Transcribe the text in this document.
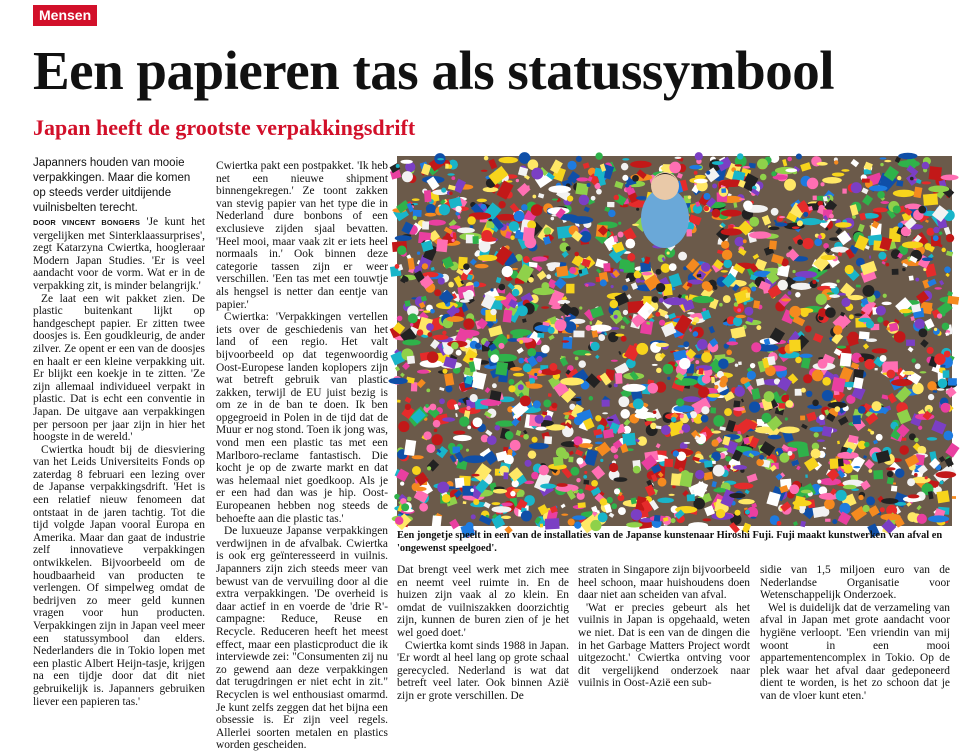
Mensen
Een papieren tas als statussymbool
Japan heeft de grootste verpakkingsdrift

Japanners houden van mooie verpakkingen. Maar die komen op steeds verder uitdijende vuilnisbelten terecht.

DOOR VINCENT BONGERS 'Je kunt het vergelijken met Sinterklaassurprises', zegt Katarzyna Cwiertka, hoogleraar Modern Japan Studies. 'Er is veel aandacht voor de vorm. Wat er in de verpakking zit, is minder belangrijk.'

Ze laat een wit pakket zien. De plastic buitenkant lijkt op handgeschept papier. Er zitten twee doosjes is. Een goudkleurig, de ander zilver. Ze opent er een van de doosjes en haalt er een kleine verpakking uit. Er blijkt een koekje in te zitten. 'Ze zijn allemaal individueel verpakt in plastic. Dat is echt een conventie in Japan. De uitgave aan verpakkingen per persoon per jaar zijn in hier het hoogste in de wereld.'

Cwiertka houdt bij de diesviering van het Leids Universiteits Fonds op zaterdag 8 februari een lezing over de Japanse verpakkingsdrift. 'Het is een relatief nieuw fenomeen dat ontstaat in de jaren tachtig. Tot die tijd volgde Japan vooral Europa en Amerika. Maar dan gaat de industrie zelf innovatieve verpakkingen ontwikkelen. Bijvoorbeeld om de houdbaarheid van producten te verlengen. Of simpelweg omdat de bedrijven zo meer geld kunnen vragen voor hun producten. Verpakkingen zijn in Japan veel meer een statussymbool dan elders. Nederlanders die in Tokio lopen met een plastic Albert Heijn-tasje, krijgen na een tijdje door dat dit niet gebruikelijk is. Japanners gebruiken liever een papieren tas.'

Cwiertka pakt een postpakket. 'Ik heb net een nieuwe shipment binnengekregen.' Ze toont zakken van stevig papier van het type die in Nederland dure bonbons of een exclusieve zijden sjaal bevatten. 'Heel mooi, maar vaak zit er iets heel normaals in.' Ook binnen deze categorie tassen zijn er weer verschillen. 'Een tas met een touwtje als hengsel is netter dan eentje van papier.'

Cwiertka: 'Verpakkingen vertellen iets over de geschiedenis van het land of een regio. Het valt bijvoorbeeld op dat tegenwoordig Oost-Europese landen koplopers zijn wat betreft gebruik van plastic zakken, terwijl de EU juist bezig is om ze in de ban te doen. Ik ben opgegroeid in Polen in de tijd dat de Muur er nog stond. Toen ik jong was, vond men een plastic tas met een Marlboro-reclame fantastisch. Die kocht je op de zwarte markt en dat was helemaal niet goedkoop. Als je er een had dan was je hip. Oost-Europeanen hebben nog steeds de behoefte aan die plastic tas.'

De luxueuze Japanse verpakkingen verdwijnen in de afvalbak. Cwiertka is ook erg geïnteresseerd in vuilnis. Japanners zijn zich steeds meer van bewust van de vervuiling door al die extra verpakkingen. 'De overheid is daar actief in en voerde de 'drie R'-campagne: Reduce, Reuse en Recycle. Reduceren heeft het meest effect, maar een plasticproduct die ik interviewde zei: "Consumenten zij nu zo gewend aan deze verpakkingen dat terugdringen er niet echt in zit." Recyclen is wel enthousiast omarmd. Je kunt zelfs zeggen dat het bijna een obsessie is. Er zijn veel regels. Allerlei soorten metalen en plastics worden gescheiden.

Een jongetje speelt in een van de installaties van de Japanse kunstenaar Hiroshi Fuji. Fuji maakt kunstwerken van afval en 'ongewenst speelgoed'.

Dat brengt veel werk met zich mee en neemt veel ruimte in. En de huizen zijn vaak al zo klein. En omdat de vuilniszakken doorzichtig zijn, kunnen de buren zien of je het wel goed doet.'

Cwiertka komt sinds 1988 in Japan. 'Er wordt al heel lang op grote schaal gerecycled. Nederland is wat dat betreft veel later. Ook binnen Azië zijn er grote verschillen. De

straten in Singapore zijn bijvoorbeeld heel schoon, maar huishoudens doen daar niet aan scheiden van afval.

'Wat er precies gebeurt als het vuilnis in Japan is opgehaald, weten we niet. Dat is een van de dingen die in het Garbage Matters Project wordt uitgezocht.' Cwiertka ontving voor dit vergelijkend onderzoek naar vuilnis in Oost-Azië een sub-

sidie van 1,5 miljoen euro van de Nederlandse Organisatie voor Wetenschappelijk Onderzoek.

Wel is duidelijk dat de verzameling van afval in Japan met grote aandacht voor hygiëne verloopt. 'Een vriendin van mij woont in een mooi appartementencomplex in Tokio. Op de plek waar het afval daar gedeponeerd dient te worden, is het zo schoon dat je van de vloer kunt eten.'
